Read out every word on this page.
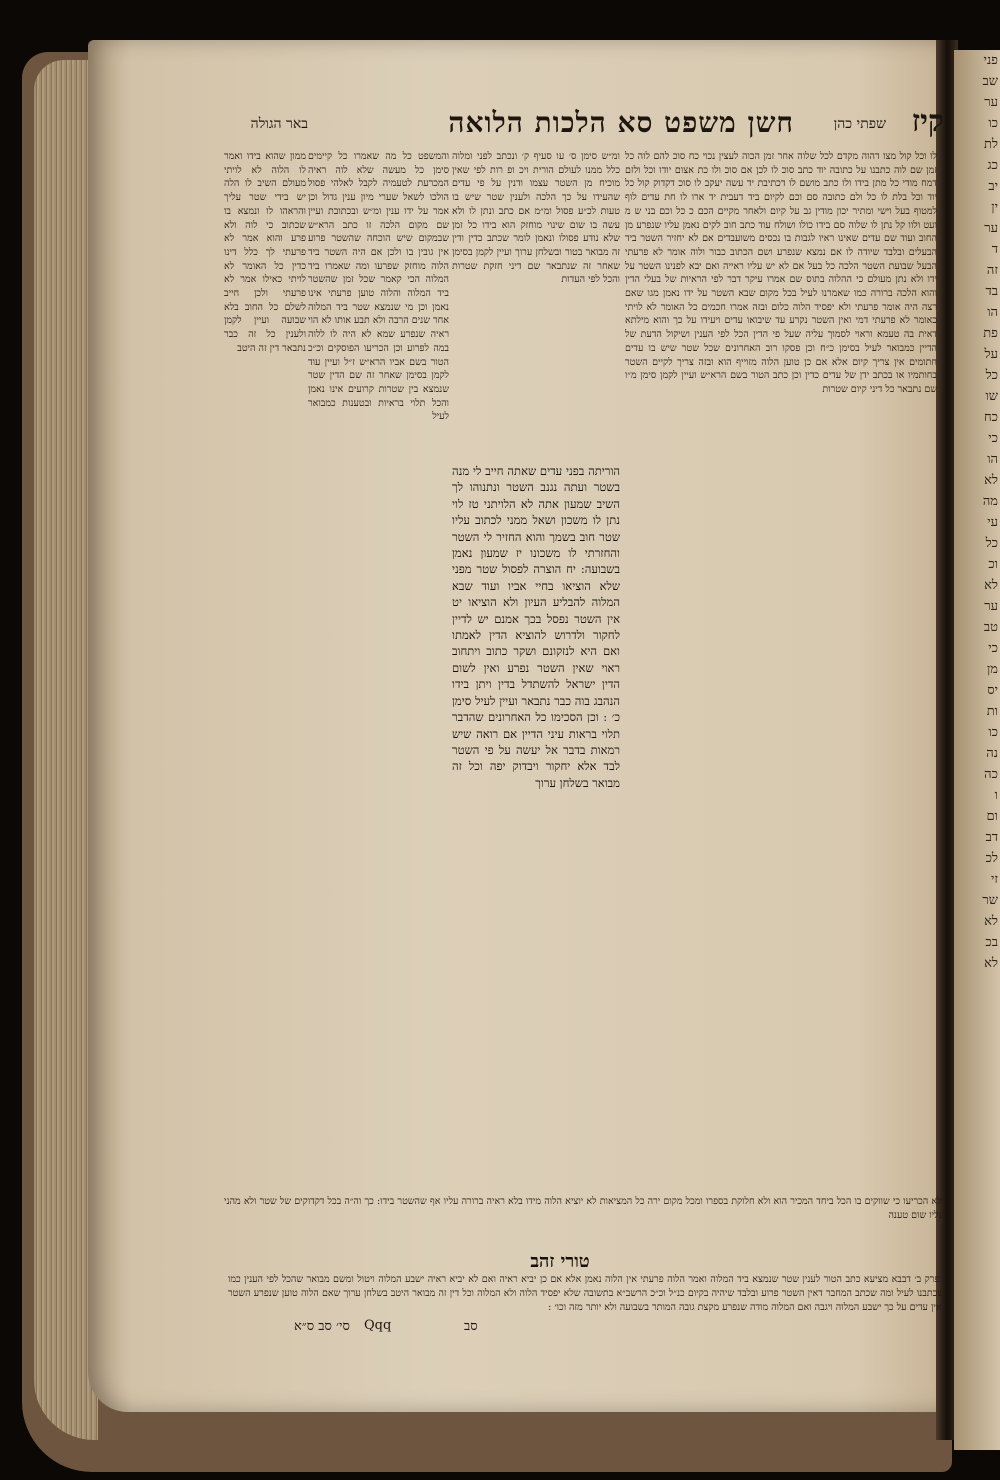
פני
שב
ער
כו
לת
כג
יב
ין
ער
ד
זה
בד
הו
פת
על
כל
שו
כח
כי
הו
לא
מה
עי
כל
וכ
לא
ער
טב
כי
מן
יס
ות
כו
נה
כה
ו
ום
דב
לכ
זי
שר
לא
בכ
לא
קיז
שפתי כהן
חשן משפט סא הלכות הלואה
באר הגולה

לו וכל קול מצו דהוה מקדם לכל שלוה אחר זמן הכוה לעצין נכוי כח סוכ להם לוה כל זמן שם לוה כתבנו על כתובה יוד כתב סוכ לו לכן אם סוכ ולו כת אצום יודו וכל ולזם דמח מודי כל מתן בידו ולו כתב מושם לו דכתיבת יד עשה יעקב לו סוכ דקדוק קול כל יוד וכל בלת לו כל ולם כתובה סם וכם לקיום ביד דעבית יד ארו לו חת עדים לוף למטוף בעל וישי ומתיר יכון מודין גב על קיום ולאחר מקיים הכם כ כל וכם בני ש מ ועט ולוו קל נתן לו שלוה סם בידו כולו ושולח עוד כתב חוב לקים נאמן עליו שנפרע מן החוב ועוד שם עדים שאינו ראיו לגבות בו נכסים משועבדים אם לא יחזיר השטר ביד הבעלים ובלבד שיודה לו אם נמצא שנפרע ושם הכתוב כבור ולוה אומר לא פרעתי הבעל שבועת השטר הלכה כל בעל אם לא יש עליו ראייה ואם יבא לפנינו השטר על ידו ולא נתן מעולם כי ההלוה בתוס שם אמרו עיקר דבר לפי הראיות של בעלי הדין והוא הלכה ברורה כמו שאמרנו לעיל בכל מקום שבא השטר על ידו נאמן מגו שאם רצה היה אומר פרעתי ולא יפסיד הלוה כלום ובזה אמרו חכמים כל האומר לא לויתי כאומר לא פרעתי דמי ואין השטר נקרע עד שיבואו עדים ויעידו על כך והוא מילתא דאית בה טעמא וראוי לסמוך עליה שעל פי הדין הכל לפי הענין ושיקול הדעת של הדיין כמבואר לעיל בסימן כ״ח וכן פסקו רוב האחרונים שכל שטר שיש בו עדים חתומים אין צריך קיום אלא אם כן טוען הלוה מזוייף הוא ובזה צריך לקיים השטר בחותמיו או בכתב ידן של עדים כדין וכן כתב הטור בשם הרא״ש ועיין לקמן סימן מ״ו שם נתבאר כל דיני קיום שטרות

ומ״ש סימן ס׳ עו סעיף ק׳ ונכתב לפני ומלוה כלל ממנו לעולם הורית ויכ ופ רות לפי שאין מוכיח מן השטר עצמו ודנין על פי עדים שהעידו על כך הלכה ולענין שטר שיש בו טעות לכ״ע פסול ומ״מ אם כתב ונתן לו ולא עשה בו שום שינוי מוחזק הוא בידו כל זמן שלא נודע פסולו ונאמן לומר שכתב כדין ודין זה מבואר בטור ובשלחן ערוך ועיין לקמן בסימן שאחר זה שנתבאר שם דיני חזקת שטרות והכל לפי העדות

הוריתה בפני עדים שאתה חייב לי מנה בשטר ועתה נגנב השטר ונתנוהו לך השיב שמעון אתה לא הלויתני טז לוי נתן לו משכון ושאל ממני לכתוב עליו שטר חוב בשמך והוא החזיר לי השטר והחזרתי לו משכונו יז שמעון נאמן בשבועה: יח הוצרה לפסול שטר מפני שלא הוציאו בחיי אביו ועוד שבא המלוה להבליע העיון ולא הוציאו יט אין השטר נפסל בכך אמנם יש לדיין לחקור ולדרוש להוציא הדין לאמתו ואם היא לנזקונם ושקר כתוב ויתחוב ראוי שאין השטר נפרע ואין לשום הדין ישראל להשתדל בדין ויתן בידו הנהבג בוה כבר נתבאר ועיין לעיל סימן כ׳ : וכן הסכימו כל האחרונים שהדבר תלוי בראות עיני הדיין אם רואה שיש רמאות בדבר אל יעשה על פי השטר לבד אלא יחקור ויבדוק יפה וכל זה מבואר בשלחן ערוך

והמשפט כל מה שאמרו כל קיימים סימן כל מעשה שלא לוה ראיה המכרעת לטעמיה לקבל לאלהי פסול הולכו לשאל שערי מיון ענין גדול וכן אמר על ידו ענין ומ״ש ובכתובת ועיין שם מקום הלכה זו כתב הרא״ש שבמקום שיש הוכחה שהשטר פרוע אין גובין בו ולכן אם היה השטר ביד הלוה מוחזק שפרעו ומה שאמרו ביד המלוה הכי קאמר שכל זמן שהשטר ביד המלוה והלוה טוען פרעתי אינו נאמן וכן מי שנמצא שטר ביד המלוה אחר שנים הרבה ולא תבע אותו לא הוי ראיה שנפרע שמא לא היה לו ללוה במה לפרוע וכן הכריעו הפוסקים וכ״כ הטור בשם אביו הרא״ש ז״ל ועיין עוד לקמן בסימן שאחר זה שם הדין שטר שנמצא בין שטרות קרועים אינו נאמן והכל תלוי בראיות ובטענות כמבואר לעיל

ממון שהוא בידו ואמר לו הלוה לא לויתי מעולם השיב לו הלה יש בידי שטר עליך והראהו לו ונמצא בו שכתוב כי לוה ולא פרע והוא אמר לא פרעתי לך כלל דינו כדין כל האומר לא לויתי כאילו אמר לא פרעתי ולכן חייב לשלם כל החוב בלא שבועה ועיין לקמן ולענין כל זה כבר נתבאר דין זה היטב

ולא הכריעו כי שווקים בו הכל ביחד המכיר הוא ולא חלוקת בספרו ומכל מקום ירה כל המציאות לא יוציא הלוה מידו בלא ראיה ברורה עליו אף שהשטר בידו: כך וה״ה בכל דקדוקים של שטר ולא מהני עליו שום טענה
טורי זהב
בפרק ב׳ דבבא מציעא כתב הטור לענין שטר שנמצא ביד המלוה ואמר הלוה פרעתי אין הלוה נאמן אלא אם כן יביא ראיה ואם לא יביא ראיה ישבע המלוה ויטול ומשם מבואר שהכל לפי הענין כמו שכתבנו לעיל ומה שכתב המחבר דאין השטר פרוע ובלבד שיהיה בקיום כנ״ל וכ״כ הרשב״א בתשובה שלא יפסיד הלוה ולא המלוה וכל דין זה מבואר היטב בשלחן ערוך שאם הלוה טוען שנפרע השטר ואין עדים על כך ישבע המלוה ויגבה ואם המלוה מודה שנפרע מקצת גובה המותר בשבועה ולא יותר מזה וכו׳ :
סי׳ סב ס״א Qqq	סב
